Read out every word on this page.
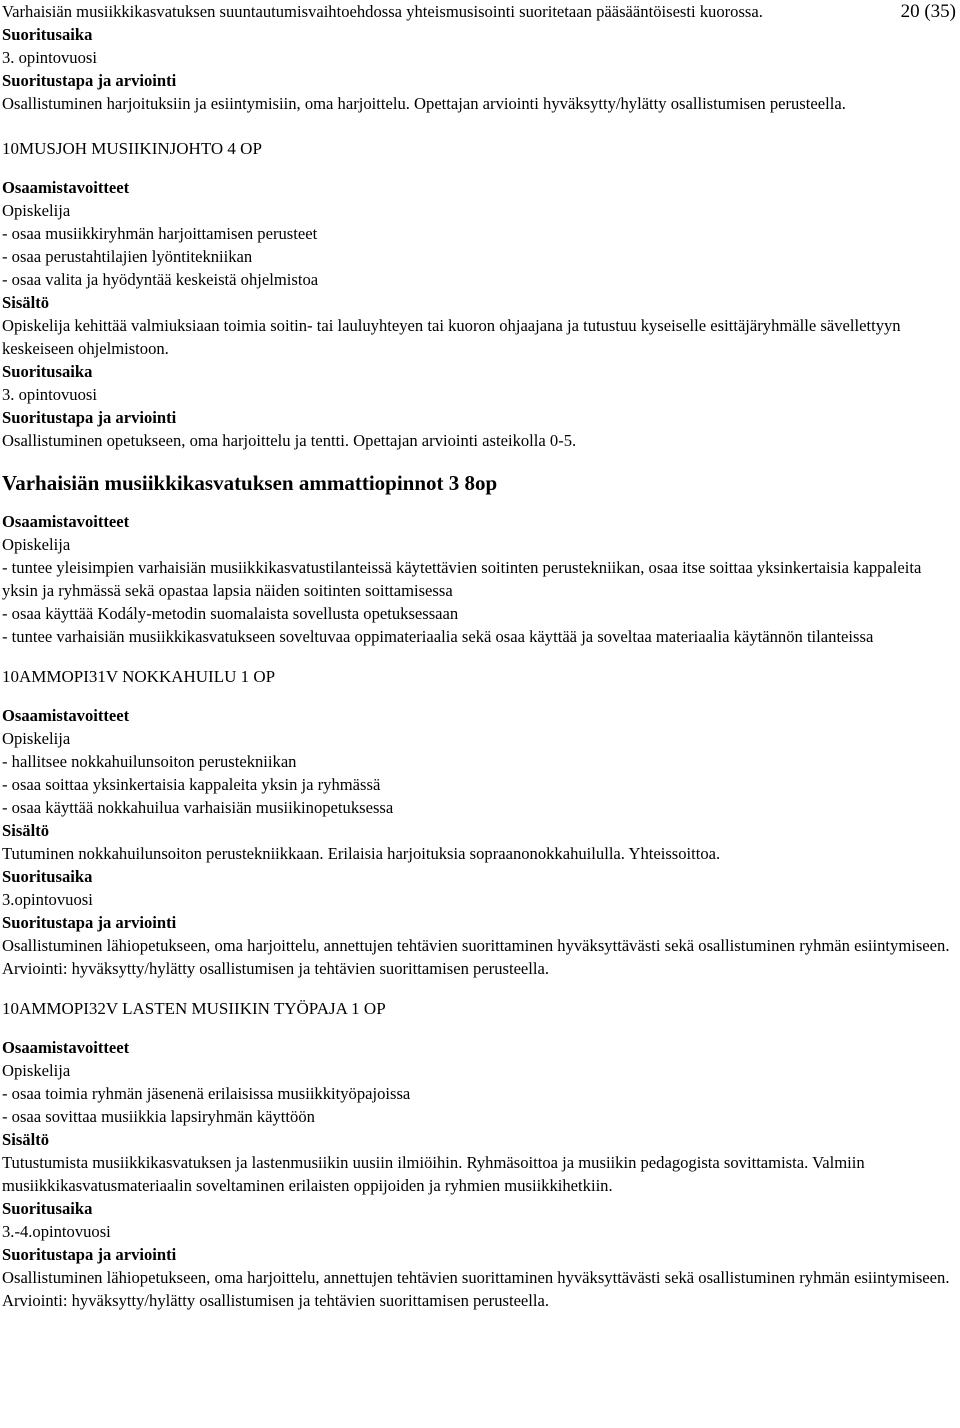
20 (35)
Varhaisiän musiikkikasvatuksen suuntautumisvaihtoehdossa yhteismusisointi suoritetaan pääsääntöisesti kuorossa.
Suoritusaika
3. opintovuosi
Suoritustapa ja arviointi
Osallistuminen harjoituksiin ja esiintymisiin, oma harjoittelu. Opettajan arviointi hyväksytty/hylätty osallistumisen perusteella.
10MUSJOH MUSIIKINJOHTO 4 OP
Osaamistavoitteet
Opiskelija
- osaa musiikkiryhmän harjoittamisen perusteet
- osaa perustahtilajien lyöntitekniikan
- osaa valita ja hyödyntää keskeistä ohjelmistoa
Sisältö
Opiskelija kehittää valmiuksiaan toimia soitin- tai lauluyhteyen tai kuoron ohjaajana ja tutustuu kyseiselle esittäjäryhmälle sävellettyyn keskeiseen ohjelmistoon.
Suoritusaika
3. opintovuosi
Suoritustapa ja arviointi
Osallistuminen opetukseen, oma harjoittelu ja tentti. Opettajan arviointi asteikolla 0-5.
Varhaisiän musiikkikasvatuksen ammattiopinnot 3 8op
Osaamistavoitteet
Opiskelija
- tuntee yleisimpien varhaisiän musiikkikasvatustilanteissä käytettävien soitinten perustekniikan, osaa itse soittaa yksinkertaisia kappaleita yksin ja ryhmässä sekä opastaa lapsia näiden soitinten soittamisessa
- osaa käyttää Kodály-metodin suomalaista sovellusta opetuksessaan
- tuntee varhaisiän musiikkikasvatukseen soveltuvaa oppimateriaalia sekä osaa käyttää ja soveltaa materiaalia käytännön tilanteissa
10AMMOPI31V NOKKAHUILU 1 OP
Osaamistavoitteet
Opiskelija
- hallitsee nokkahuilunsoiton perustekniikan
- osaa soittaa yksinkertaisia kappaleita yksin ja ryhmässä
- osaa käyttää nokkahuilua varhaisiän musiikinopetuksessa
Sisältö
Tutuminen nokkahuilunsoiton perustekniikkaan. Erilaisia harjoituksia sopraanonokkahuilulla. Yhteissoittoa.
Suoritusaika
3.opintovuosi
Suoritustapa ja arviointi
Osallistuminen lähiopetukseen, oma harjoittelu, annettujen tehtävien suorittaminen hyväksyttävästi sekä osallistuminen ryhmän esiintymiseen. Arviointi: hyväksytty/hylätty osallistumisen ja tehtävien suorittamisen perusteella.
10AMMOPI32V LASTEN MUSIIKIN TYÖPAJA 1 OP
Osaamistavoitteet
Opiskelija
- osaa toimia ryhmän jäsenenä erilaisissa musiikkityöpajoissa
- osaa sovittaa musiikkia lapsiryhmän käyttöön
Sisältö
Tutustumista musiikkikasvatuksen ja lastenmusiikin uusiin ilmiöihin. Ryhmäsoittoa ja musiikin pedagogista sovittamista. Valmiin musiikkikasvatusmateriaalin soveltaminen erilaisten oppijoiden ja ryhmien musiikkihetkiin.
Suoritusaika
3.-4.opintovuosi
Suoritustapa ja arviointi
Osallistuminen lähiopetukseen, oma harjoittelu, annettujen tehtävien suorittaminen hyväksyttävästi sekä osallistuminen ryhmän esiintymiseen. Arviointi: hyväksytty/hylätty osallistumisen ja tehtävien suorittamisen perusteella.
